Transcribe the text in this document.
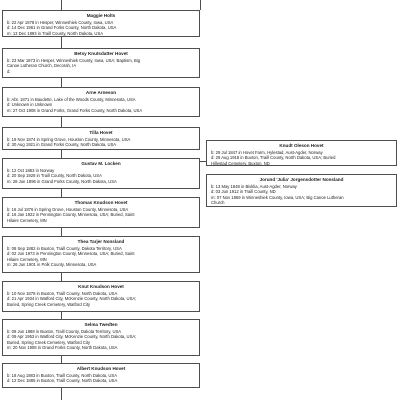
Maggie Holts
b: 22 Apr 1878 in Hesper, Winneshiek County, Iowa, USA
d: 14 Dec 1961 in Grand Forks County, North Dakota, USA
m: 13 Dec 1893 in Traill County, North Dakota, USA
Betsy Knutsdatter Hovet
b: 23 Mar 1873 in Hesper, Winneshiek County, Iowa, USA; Baptism, Big
Canoe Lutheran Church, Decorah, IA
d:
Arne Arneson
b: Abt. 1871 in Baudette, Lake of the Woods County, Minnesota, USA
d: Unknown in Unknown
m: 27 Oct 1908 in Grand Forks, Grand Forks County, North Dakota, USA
Tilla Hovet
b: 19 Nov 1874 in Spring Grove, Houston County, Minnesota, USA
d: 30 Aug 1921 in Grand Forks County, North Dakota, USA
Gustav M. Locken
b: 12 Oct 1863 in Norway
d: 20 Sep 1928 in Traill County, North Dakota, USA
m: 28 Jun 1896 in Grand Forks County, North Dakota, USA
Thomas Knudson Hovet
b: 16 Jul 1876 in Spring Grove, Houston County, Minnesota, USA
d: 16 Jan 1922 in Pennington County, Minnesota, USA; Buried, Saint
Hilaire Cemetery, MN
Thea Tarjer Nonsland
b: 08 Sep 1882 in Buxton, Traill County, Dakota Territory, USA
d: 02 Jun 1973 in Pennington County, Minnesota, USA; Buried, Saint
Hilaire Cemetery, MN
m: 26 Jun 1901 in Polk County, Minnesota, USA
Knut Knudson Hovet
b: 10 Nov 1878 in Buxton, Traill County, North Dakota, USA
d: 21 Apr 1934 in Watford City, McKenzie County, North Dakota, USA;
Buried, Spring Creek Cemetery, Watford City
Selma Twedten
b: 08 Jun 1888 in Buxton, Traill County, Dakota Territory, USA
d: 09 Apr 1953 in Watford City, McKenzie County, North Dakota, USA;
Buried, Spring Creek Cemetery, Watford City
m: 20 Nov 1908 in Grand Forks County, North Dakota, USA
Albert Knudson Hovet
b: 18 Aug 1883 in Buxton, Traill County, North Dakota, USA
d: 12 Dec 1885 in Buxton, Traill County, North Dakota, USA
Knudt Oleson Hovet
b: 29 Jul 1847 in Hovet Farm, Hylestad, Aust-Agder, Norway
d: 29 Aug 1918 in Buxton, Traill County, North Dakota, USA; Buried
Hillestad Cemetery, Buxton, ND
Jorund 'Julia' Jorgensdotter Nonsland
b: 13 May 1848 in Bivklia, Aust-Agder, Norway
d: 03 Jun 1912 in Traill County, ND
m: 07 Nov 1869 in Winneshiek County, Iowa, USA; Big Canoe Lutheran
Church
